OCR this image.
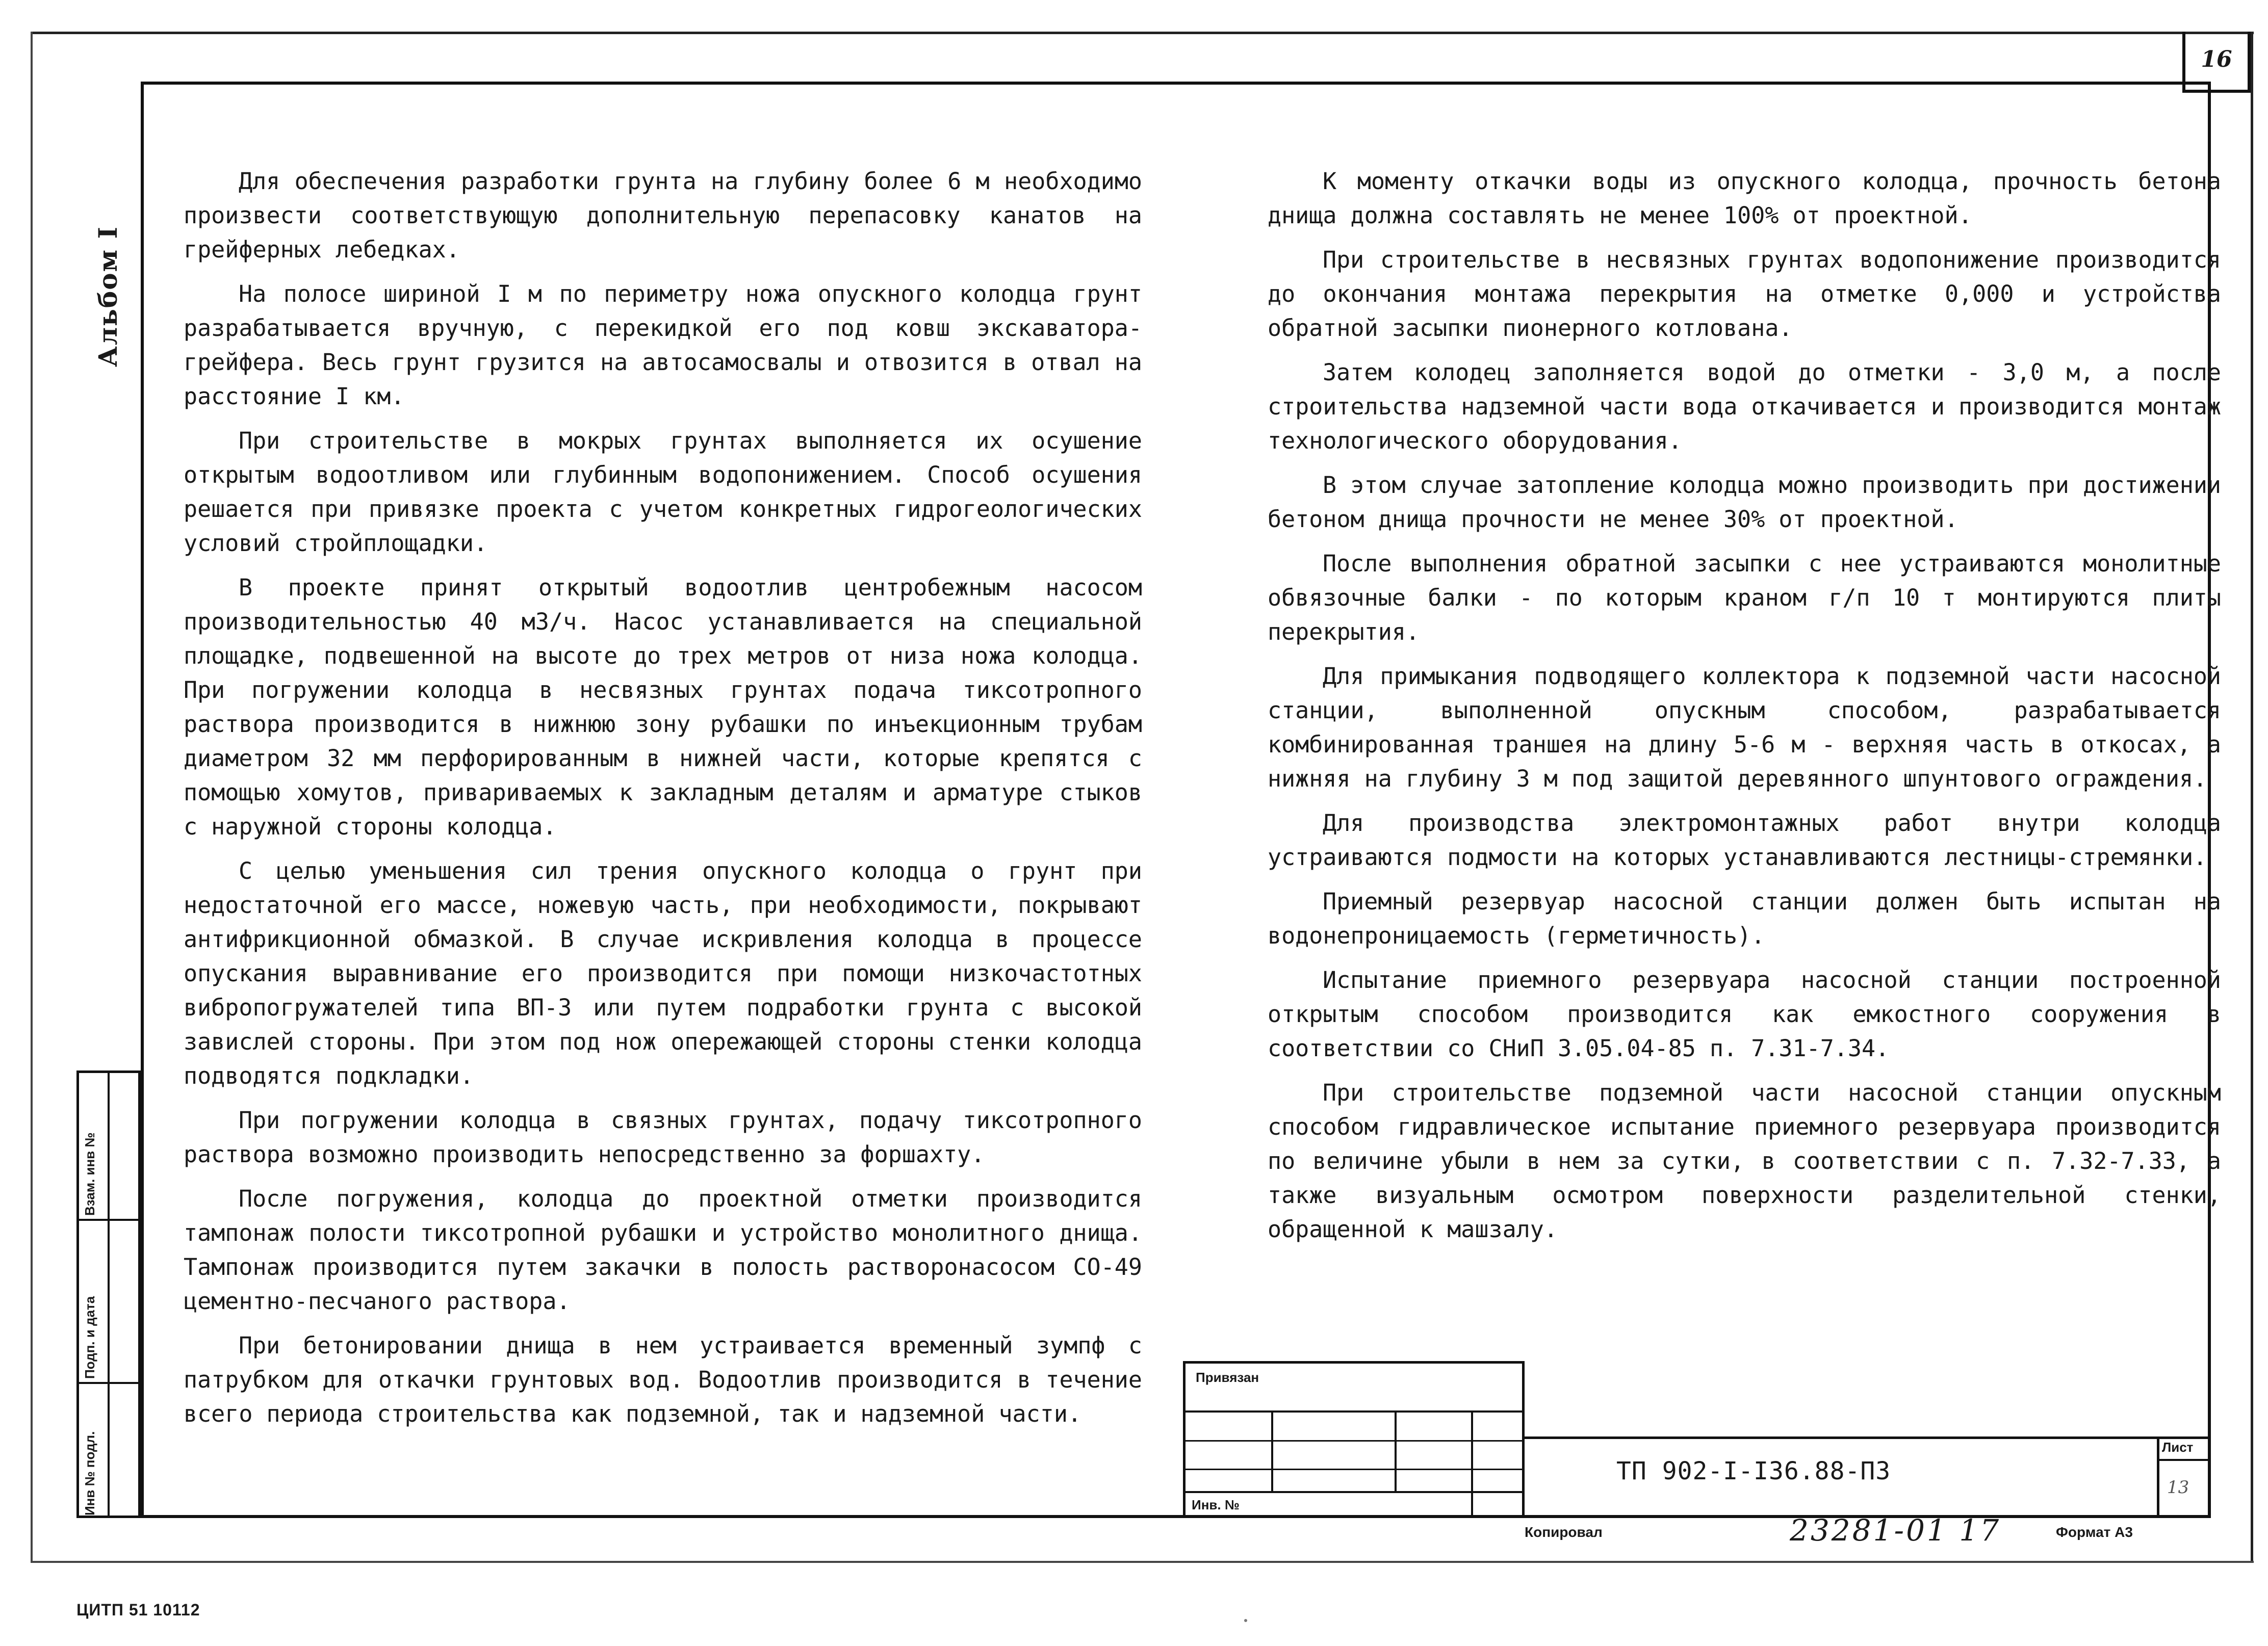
16
Альбом I
Взам. инв №
Подп. и дата
Инв № подл.

Для обеспечения разработки грунта на глубину более 6 м необходимо произвести соответствующую дополнительную перепасовку канатов на грейферных лебедках.

На полосе шириной I м по периметру ножа опускного колодца грунт разрабатывается вручную, с перекидкой его под ковш экскаватора-грейфера. Весь грунт грузится на автосамосвалы и отвозится в отвал на расстояние I км.

При строительстве в мокрых грунтах выполняется их осушение открытым водоотливом или глубинным водопонижением. Способ осушения решается при привязке проекта с учетом конкретных гидрогеологических условий стройплощадки.

В проекте принят открытый водоотлив центробежным насосом производительностью 40 м3/ч. Насос устанавливается на специальной площадке, подвешенной на высоте до трех метров от низа ножа колодца. При погружении колодца в несвязных грунтах подача тиксотропного раствора производится в нижнюю зону рубашки по инъекционным трубам диаметром 32 мм перфорированным в нижней части, которые крепятся с помощью хомутов, привариваемых к закладным деталям и арматуре стыков с наружной стороны колодца.

С целью уменьшения сил трения опускного колодца о грунт при недостаточной его массе, ножевую часть, при необходимости, покрывают антифрикционной обмазкой. В случае искривления колодца в процессе опускания выравнивание его производится при помощи низкочастотных вибропогружателей типа ВП-3 или путем подработки грунта с высокой завислей стороны. При этом под нож опережающей стороны стенки колодца подводятся подкладки.

При погружении колодца в связных грунтах, подачу тиксотропного раствора возможно производить непосредственно за форшахту.

После погружения, колодца до проектной отметки производится тампонаж полости тиксотропной рубашки и устройство монолитного днища. Тампонаж производится путем закачки в полость растворонасосом СО-49 цементно-песчаного раствора.

При бетонировании днища в нем устраивается временный зумпф с патрубком для откачки грунтовых вод. Водоотлив производится в течение всего периода строительства как подземной, так и надземной части.

К моменту откачки воды из опускного колодца, прочность бетона днища должна составлять не менее 100% от проектной.

При строительстве в несвязных грунтах водопонижение производится до окончания монтажа перекрытия на отметке 0,000 и устройства обратной засыпки пионерного котлована.

Затем колодец заполняется водой до отметки - 3,0 м, а после строительства надземной части вода откачивается и производится монтаж технологического оборудования.

В этом случае затопление колодца можно производить при достижении бетоном днища прочности не менее 30% от проектной.

После выполнения обратной засыпки с нее устраиваются монолитные обвязочные балки - по которым краном г/п 10 т монтируются плиты перекрытия.

Для примыкания подводящего коллектора к подземной части насосной станции, выполненной опускным способом, разрабатывается комбинированная траншея на длину 5-6 м - верхняя часть в откосах, а нижняя на глубину 3 м под защитой деревянного шпунтового ограждения.

Для производства электромонтажных работ внутри колодца устраиваются подмости на которых устанавливаются лестницы-стремянки.

Приемный резервуар насосной станции должен быть испытан на водонепроницаемость (герметичность).

Испытание приемного резервуара насосной станции построенной открытым способом производится как емкостного сооружения в соответствии со СНиП 3.05.04-85 п. 7.31-7.34.

При строительстве подземной части насосной станции опускным способом гидравлическое испытание приемного резервуара производится по величине убыли в нем за сутки, в соответствии с п. 7.32-7.33, а также визуальным осмотром поверхности разделительной стенки, обращенной к машзалу.

Привязан
Инв. №
ТП 902-I-I36.88-ПЗ
Лист
13
Копировал	23281-01 17	Формат A3
ЦИТП 51 10112
